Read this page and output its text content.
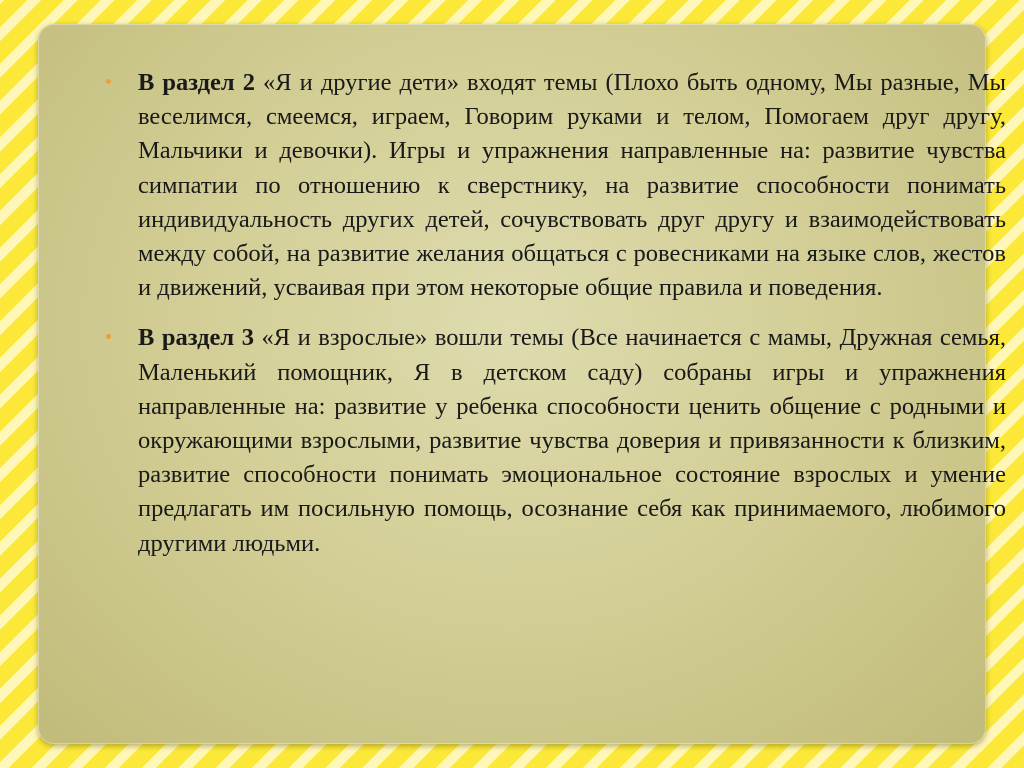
В раздел 2 «Я и другие дети» входят темы (Плохо быть одному, Мы разные, Мы веселимся, смеемся, играем, Говорим руками и телом, Помогаем друг другу, Мальчики и девочки). Игры и упражнения направленные на: развитие чувства симпатии по отношению к сверстнику, на развитие способности понимать индивидуальность других детей, сочувствовать друг другу и взаимодействовать между собой, на развитие желания общаться с ровесниками на языке слов, жестов и движений, усваивая при этом некоторые общие правила и поведения.

В раздел 3 «Я и взрослые» вошли темы (Все начинается с мамы, Дружная семья, Маленький помощник, Я в детском саду) собраны игры и упражнения направленные на: развитие у ребенка способности ценить общение с родными и окружающими взрослыми, развитие чувства доверия и привязанности к близким, развитие способности понимать эмоциональное состояние взрослых и умение предлагать им посильную помощь, осознание себя как принимаемого, любимого другими людьми.
